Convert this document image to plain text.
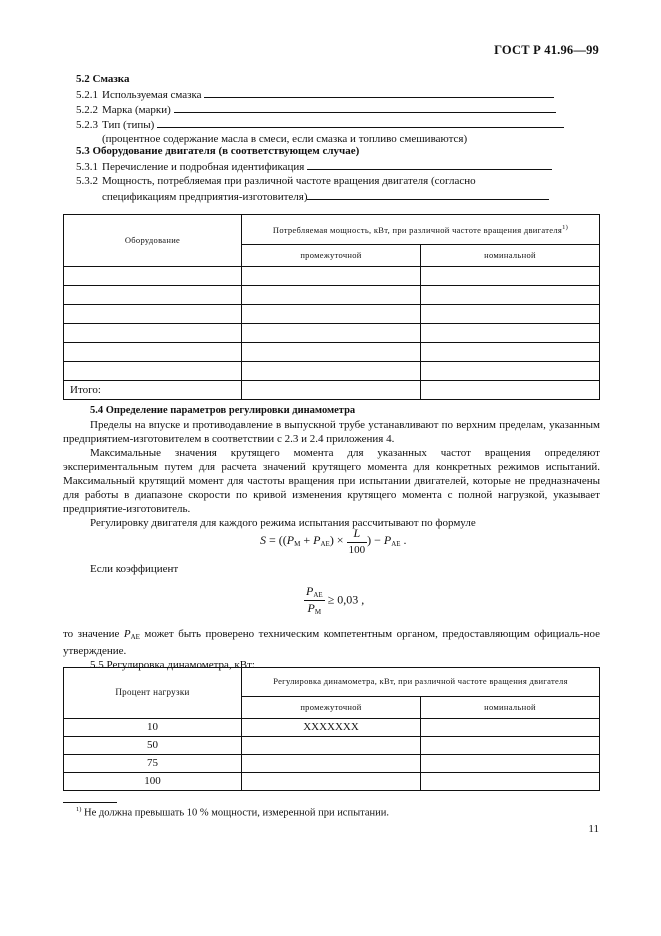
ГОСТ Р 41.96—99
5.2 Смазка
5.2.1 Используемая смазка
5.2.2 Марка (марки)
5.2.3 Тип (типы)
(процентное содержание масла в смеси, если смазка и топливо смешиваются)
5.3 Оборудование двигателя (в соответствующем случае)
5.3.1 Перечисление и подробная идентификация
5.3.2 Мощность, потребляемая при различной частоте вращения двигателя (согласно
спецификациям предприятия-изготовителя)
Оборудование	Потребляемая мощность, кВт, при различной частоте вращения двигателя$^{1)}$
	промежуточной	номинальной

Итого:		

5.4 Определение параметров регулировки динамометра

Пределы на впуске и противодавление в выпускной трубе устанавливают по верхним пределам, указанным предприятием-изготовителем в соответствии с 2.3 и 2.4 приложения 4.

Максимальные значения крутящего момента для указанных частот вращения определяют экспериментальным путем для расчета значений крутящего момента для конкретных режимов испытаний. Максимальный крутящий момент для частоты вращения при испытании двигателей, которые не предназначены для работы в диапазоне скорости по кривой изменения крутящего момента с полной нагрузкой, указывает предприятие-изготовитель.

Регулировку двигателя для каждого режима испытания рассчитывают по формуле

$S = ((P_M + P_{AE}) \times \frac{L}{100}$ ) − $P_{AE}$ .

Если коэффициент

$\frac{P_{AE}}{P_M} \ge 0,03$ ,

то значение $P_{AE}$ может быть проверено техническим компетентным органом, предоставляющим официаль-ное утверждение.

5.5 Регулировка динамометра, кВт:

Процент нагрузки	Регулировка динамометра, кВт, при различной частоте вращения двигателя	
	промежуточной	номинальной
10	XXXXXXX	
50		
75		
100		
$^{1)}$ Не должна превышать 10 % мощности, измеренной при испытании.
11
